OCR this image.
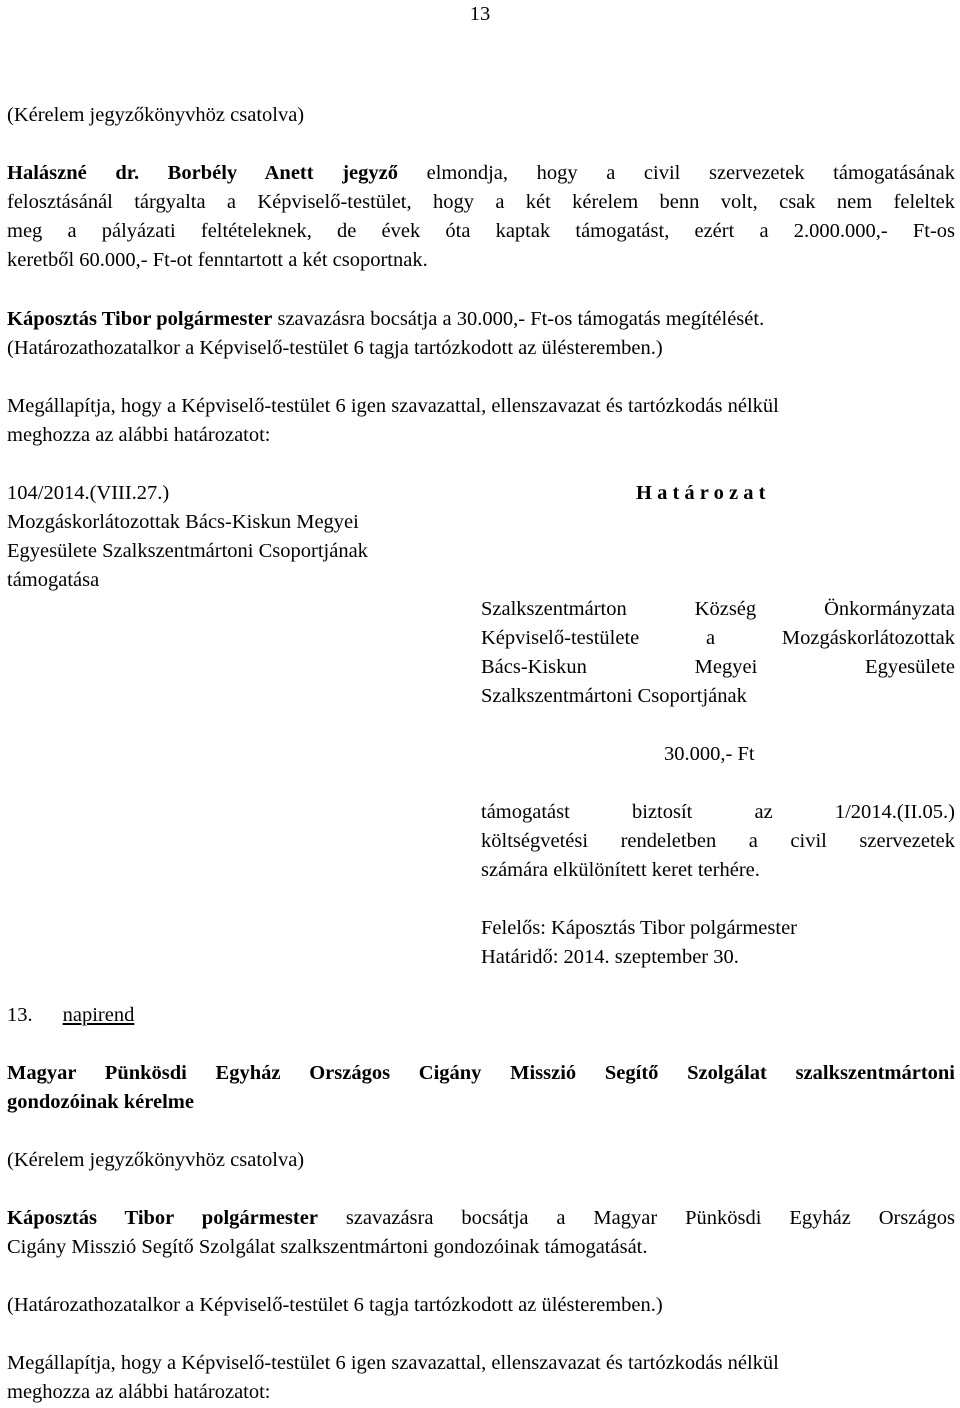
13
(Kérelem jegyzőkönyvhöz csatolva)
Halászné dr. Borbély Anett jegyző elmondja, hogy a civil szervezetek támogatásának
felosztásánál tárgyalta a Képviselő-testület, hogy a két kérelem benn volt, csak nem feleltek
meg a pályázati feltételeknek, de évek óta kaptak támogatást, ezért a 2.000.000,- Ft-os
keretből 60.000,- Ft-ot fenntartott a két csoportnak.
Káposztás Tibor polgármester szavazásra bocsátja a 30.000,- Ft-os támogatás megítélését.
(Határozathozatalkor a Képviselő-testület 6 tagja tartózkodott az ülésteremben.)
Megállapítja, hogy a Képviselő-testület 6 igen szavazattal, ellenszavazat és tartózkodás nélkül
meghozza az alábbi határozatot:
104/2014.(VIII.27.)
Mozgáskorlátozottak Bács-Kiskun Megyei
Egyesülete Szalkszentmártoni Csoportjának
támogatása
H a t á r o z a t
Szalkszentmárton Község Önkormányzata
Képviselő-testülete a Mozgáskorlátozottak
Bács-Kiskun Megyei Egyesülete
Szalkszentmártoni Csoportjának
30.000,- Ft
támogatást biztosít az 1/2014.(II.05.)
költségvetési rendeletben a civil szervezetek
számára elkülönített keret terhére.
Felelős: Káposztás Tibor polgármester
Határidő: 2014. szeptember 30.
13. napirend
Magyar Pünkösdi Egyház Országos Cigány Misszió Segítő Szolgálat szalkszentmártoni
gondozóinak kérelme
(Kérelem jegyzőkönyvhöz csatolva)
Káposztás Tibor polgármester szavazásra bocsátja a Magyar Pünkösdi Egyház Országos
Cigány Misszió Segítő Szolgálat szalkszentmártoni gondozóinak támogatását.
(Határozathozatalkor a Képviselő-testület 6 tagja tartózkodott az ülésteremben.)
Megállapítja, hogy a Képviselő-testület 6 igen szavazattal, ellenszavazat és tartózkodás nélkül
meghozza az alábbi határozatot:
